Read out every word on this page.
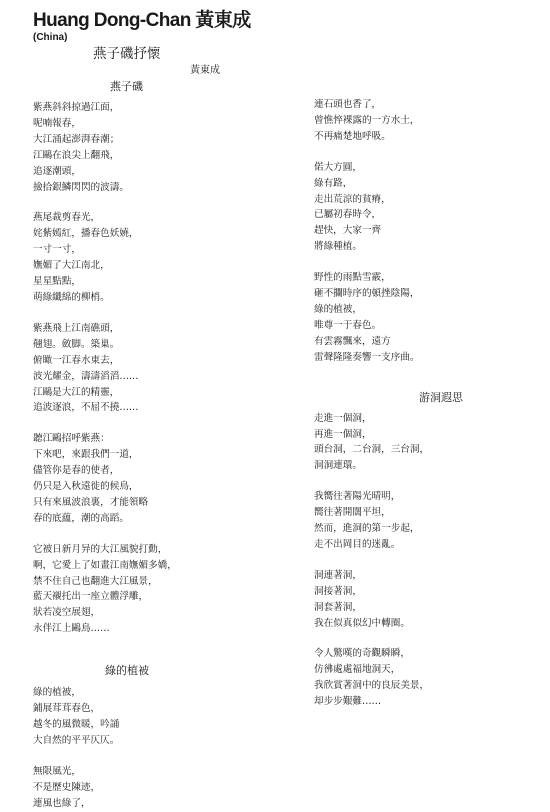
Huang Dong-Chan 黃東成
(China)
燕子磯抒懷
黃東成
燕子磯
紫燕斜斜掠過江面，
呢喃報春，
大江涌起澎湃春潮；
江鷗在浪尖上翻飛，
追逐潮頭，
撿拾銀鱗閃閃的波濤。
燕尾裁剪春光，
姹紫嫣紅，播春色妖嬈，
一寸一寸，
嫵媚了大江南北，
星星點點，
萌綠纖綿的柳梢。
紫燕飛上江南礁頭，
翹翅。斂脚。築巢。
俯瞰一江春水東去，
波光耀金，濤濤滔滔……
江鷗是大江的精靈，
追波逐浪，不屈不撓……
聽江鷗招呼紫燕：
下來吧，來跟我們一道，
儘管你是春的使者，
仍只是入秋遠徙的候鳥，
只有來風波浪裏，才能領略
春的底蘊，潮的高蹈。
它被日新月异的大江風貌打動，
啊，它愛上了如畫江南嫵媚多嬌，
禁不住自己也翻進大江風景，
藍天襯托出一座立體浮雕，
狀若凌空展翅，
永伴江上鷗鳥……
綠的植被
綠的植被，
鋪展茸茸春色，
越冬的風微暖，吟誦
大自然的平平仄仄。
無限風光，
不是歷史陳迹，
連風也綠了，
連石頭也香了，
曾憔悴裸露的一方水土，
不再痛楚地呼吸。
偌大方圓，
綠有路，
走出荒涼的貧瘠，
已屬初春時令，
趕快，大家一齊
將綠種植。
野性的雨點雪霰，
砸不攔時序的頓挫陰陽，
綠的植被，
唯尊一于春色。
有雲霧飄來，遠方
雷聲隆隆奏響一支序曲。
游洞遐思
走進一個洞，
再進一個洞，
頭台洞，二台洞，三台洞，
洞洞連環。
我嚮往著陽光晴明，
嚮往著開闊平坦，
然而，進洞的第一步起，
走不出岡目的迷亂。
洞連著洞，
洞接著洞，
洞套著洞，
我在似真似幻中轉圈。
令人驚嘆的奇觀瞬瞬，
仿彿處處福地洞天，
我欣賞著洞中的良辰美景，
却步步艱難……
